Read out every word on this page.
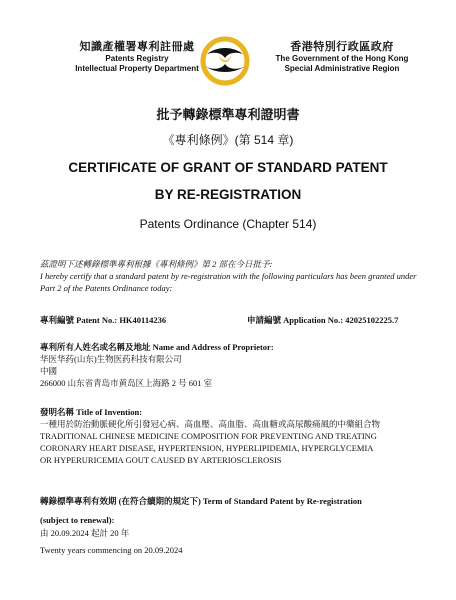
知識產權署專利註冊處
Patents Registry
Intellectual Property Department
香港特別行政區政府
The Government of the Hong Kong
Special Administrative Region
批予轉錄標準專利證明書
《專利條例》(第 514 章)
CERTIFICATE OF GRANT OF STANDARD PATENT
BY RE-REGISTRATION
Patents Ordinance (Chapter 514)
茲證明下述轉錄標準專利根據《專利條例》第 2 部在今日批予:
I hereby certify that a standard patent by re-registration with the following particulars has been granted under Part 2 of the Patents Ordinance today:
專利編號 Patent No.: HK40114236	申請編號 Application No.: 42025102225.7
專利所有人姓名或名稱及地址 Name and Address of Proprietor:
华医华药(山东)生物医药科技有限公司
中國
266000 山东省青岛市黄岛区上海路 2 号 601 室
發明名稱 Title of Invention:
一種用於防治動脈硬化所引發冠心病、高血壓、高血脂、高血糖或高尿酸痛風的中藥組合物
TRADITIONAL CHINESE MEDICINE COMPOSITION FOR PREVENTING AND TREATING
CORONARY HEART DISEASE, HYPERTENSION, HYPERLIPIDEMIA, HYPERGLYCEMIA
OR HYPERURICEMIA GOUT CAUSED BY ARTERIOSCLEROSIS
轉錄標準專利有效期 (在符合續期的規定下) Term of Standard Patent by Re-registration
(subject to renewal):
由 20.09.2024 起計 20 年
Twenty years commencing on 20.09.2024
